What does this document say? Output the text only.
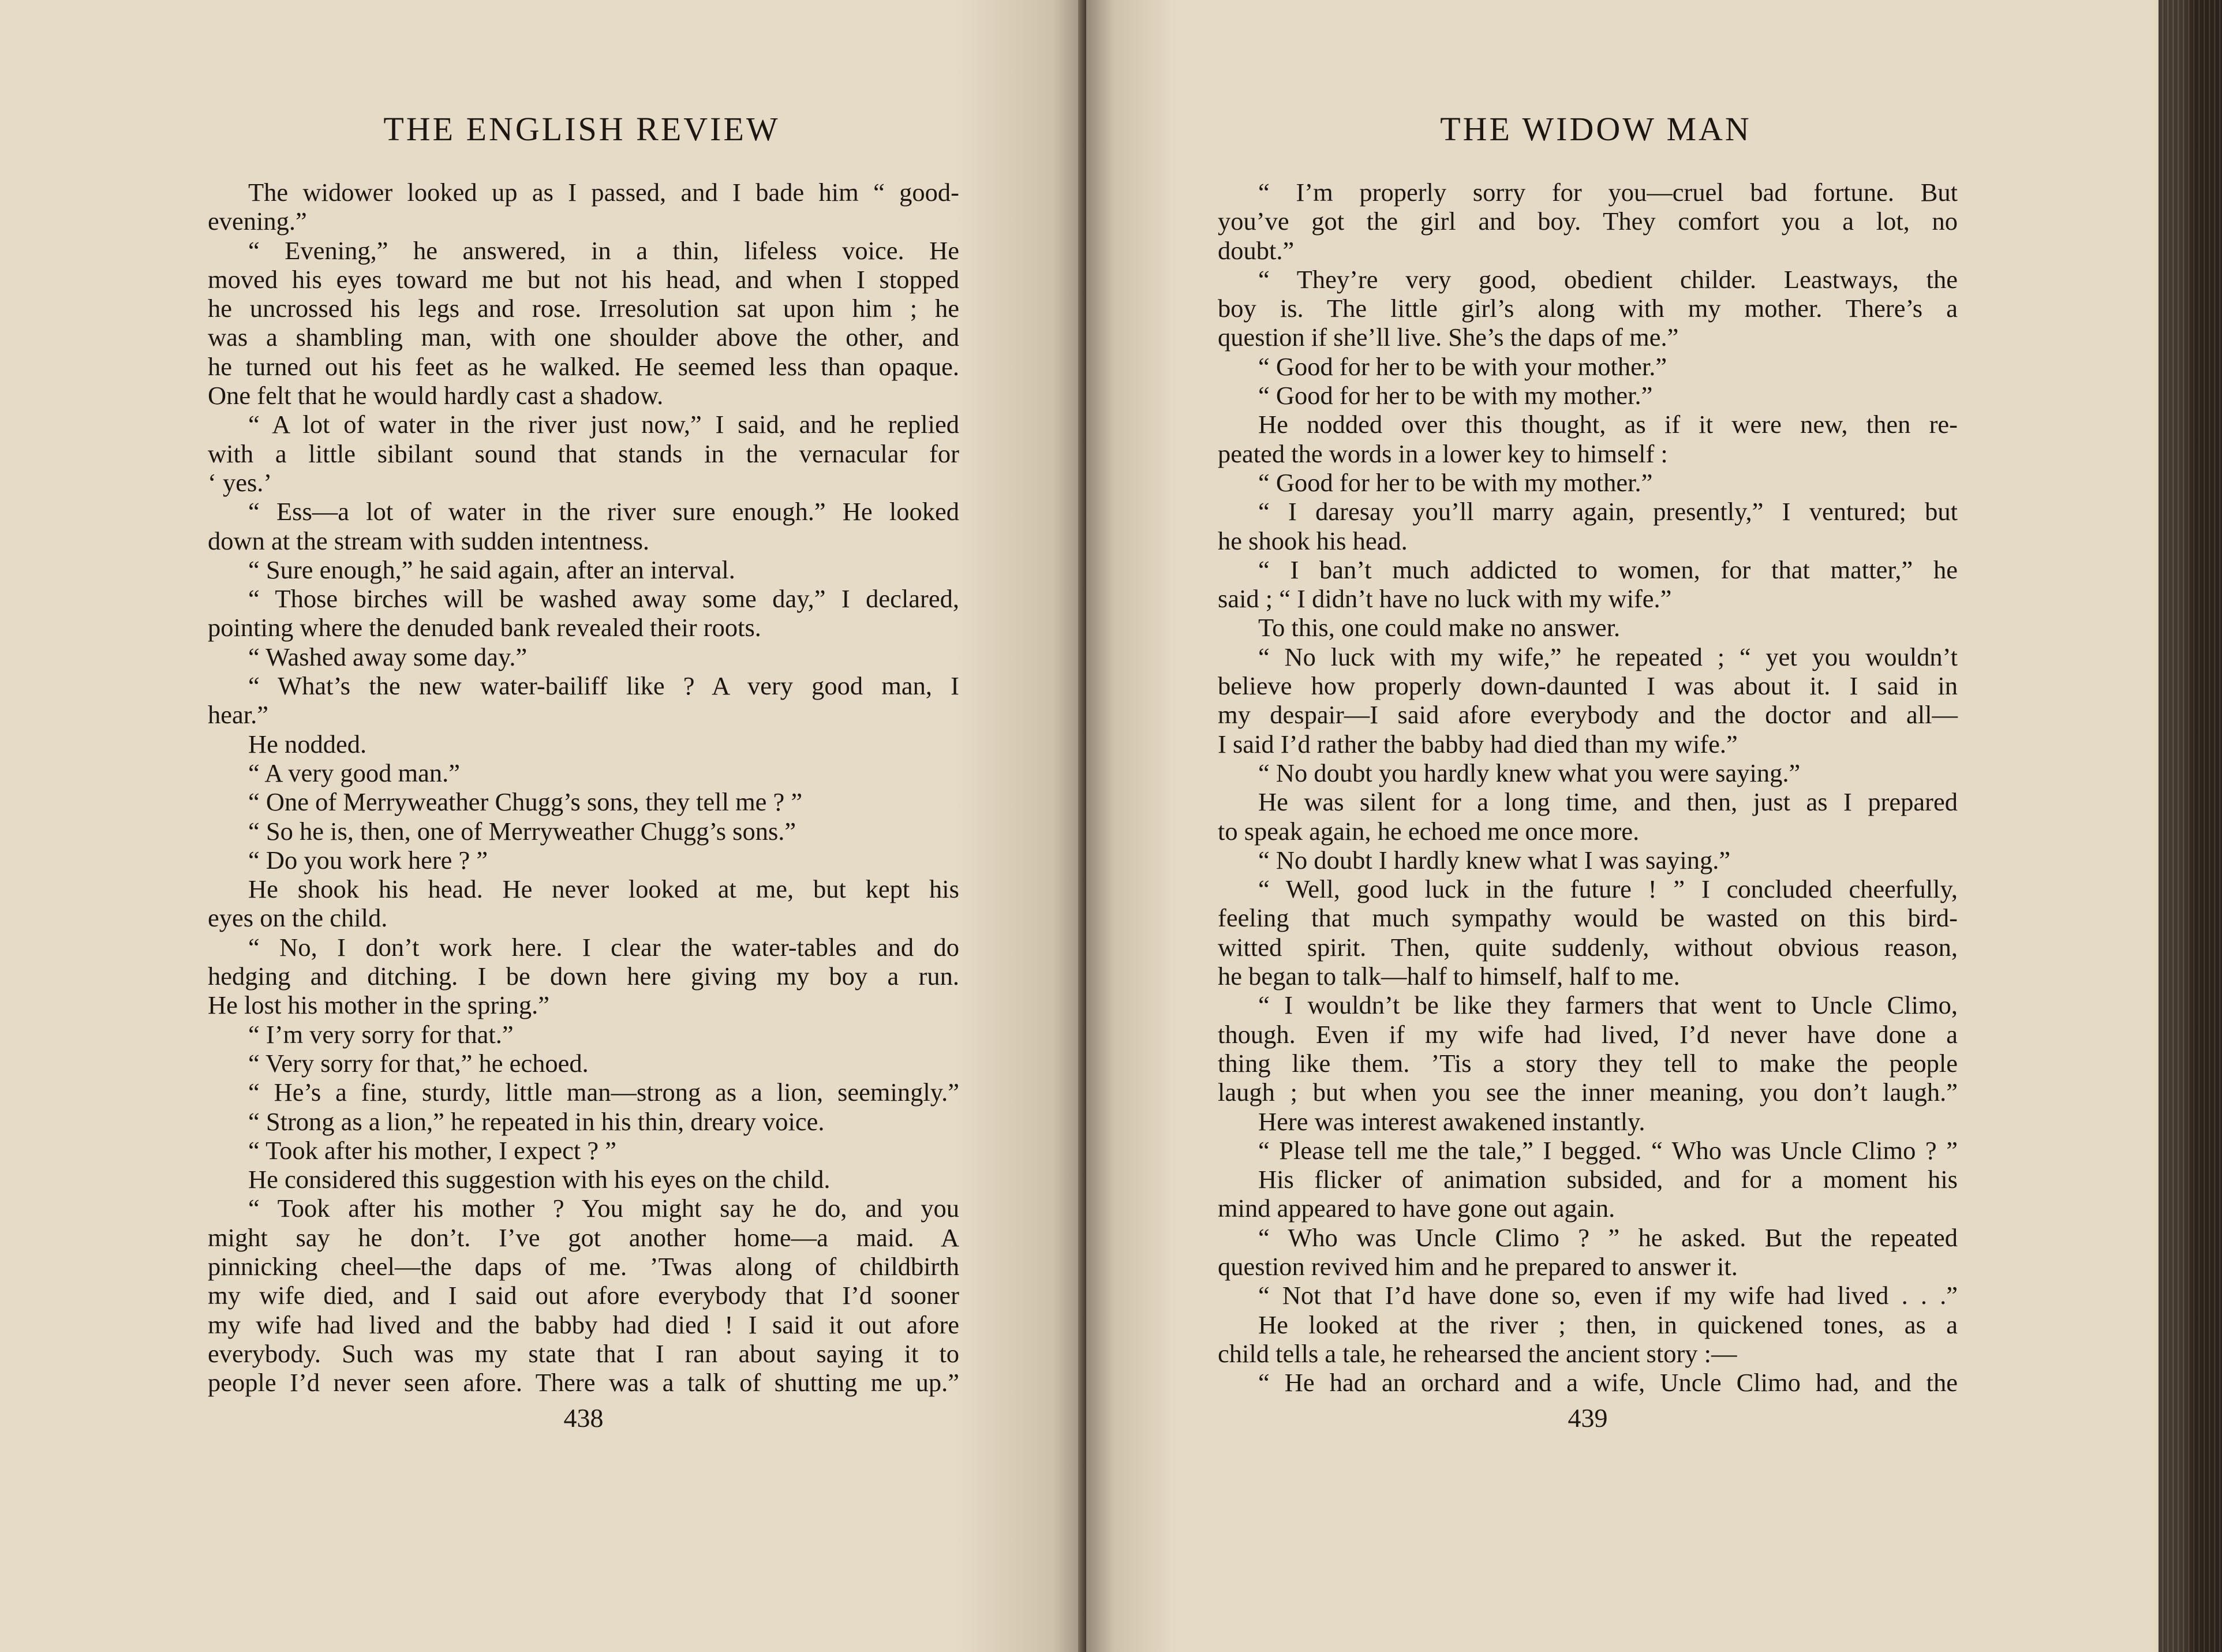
THE ENGLISH REVIEW
The widower looked up as I passed, and I bade him “ good-
evening.”
“ Evening,” he answered, in a thin, lifeless voice. He
moved his eyes toward me but not his head, and when I stopped
he uncrossed his legs and rose. Irresolution sat upon him ; he
was a shambling man, with one shoulder above the other, and
he turned out his feet as he walked. He seemed less than opaque.
One felt that he would hardly cast a shadow.
“ A lot of water in the river just now,” I said, and he replied
with a little sibilant sound that stands in the vernacular for
‘ yes.’
“ Ess—a lot of water in the river sure enough.” He looked
down at the stream with sudden intentness.
“ Sure enough,” he said again, after an interval.
“ Those birches will be washed away some day,” I declared,
pointing where the denuded bank revealed their roots.
“ Washed away some day.”
“ What’s the new water-bailiff like ? A very good man, I
hear.”
He nodded.
“ A very good man.”
“ One of Merryweather Chugg’s sons, they tell me ? ”
“ So he is, then, one of Merryweather Chugg’s sons.”
“ Do you work here ? ”
He shook his head. He never looked at me, but kept his
eyes on the child.
“ No, I don’t work here. I clear the water-tables and do
hedging and ditching. I be down here giving my boy a run.
He lost his mother in the spring.”
“ I’m very sorry for that.”
“ Very sorry for that,” he echoed.
“ He’s a fine, sturdy, little man—strong as a lion, seemingly.”
“ Strong as a lion,” he repeated in his thin, dreary voice.
“ Took after his mother, I expect ? ”
He considered this suggestion with his eyes on the child.
“ Took after his mother ? You might say he do, and you
might say he don’t. I’ve got another home—a maid. A
pinnicking cheel—the daps of me. ’Twas along of childbirth
my wife died, and I said out afore everybody that I’d sooner
my wife had lived and the babby had died ! I said it out afore
everybody. Such was my state that I ran about saying it to
people I’d never seen afore. There was a talk of shutting me up.”
438
THE WIDOW MAN
“ I’m properly sorry for you—cruel bad fortune. But
you’ve got the girl and boy. They comfort you a lot, no
doubt.”
“ They’re very good, obedient childer. Leastways, the
boy is. The little girl’s along with my mother. There’s a
question if she’ll live. She’s the daps of me.”
“ Good for her to be with your mother.”
“ Good for her to be with my mother.”
He nodded over this thought, as if it were new, then re-
peated the words in a lower key to himself :
“ Good for her to be with my mother.”
“ I daresay you’ll marry again, presently,” I ventured; but
he shook his head.
“ I ban’t much addicted to women, for that matter,” he
said ; “ I didn’t have no luck with my wife.”
To this, one could make no answer.
“ No luck with my wife,” he repeated ; “ yet you wouldn’t
believe how properly down-daunted I was about it. I said in
my despair—I said afore everybody and the doctor and all—
I said I’d rather the babby had died than my wife.”
“ No doubt you hardly knew what you were saying.”
He was silent for a long time, and then, just as I prepared
to speak again, he echoed me once more.
“ No doubt I hardly knew what I was saying.”
“ Well, good luck in the future ! ” I concluded cheerfully,
feeling that much sympathy would be wasted on this bird-
witted spirit. Then, quite suddenly, without obvious reason,
he began to talk—half to himself, half to me.
“ I wouldn’t be like they farmers that went to Uncle Climo,
though. Even if my wife had lived, I’d never have done a
thing like them. ’Tis a story they tell to make the people
laugh ; but when you see the inner meaning, you don’t laugh.”
Here was interest awakened instantly.
“ Please tell me the tale,” I begged. “ Who was Uncle Climo ? ”
His flicker of animation subsided, and for a moment his
mind appeared to have gone out again.
“ Who was Uncle Climo ? ” he asked. But the repeated
question revived him and he prepared to answer it.
“ Not that I’d have done so, even if my wife had lived . . .”
He looked at the river ; then, in quickened tones, as a
child tells a tale, he rehearsed the ancient story :—
“ He had an orchard and a wife, Uncle Climo had, and the
439
